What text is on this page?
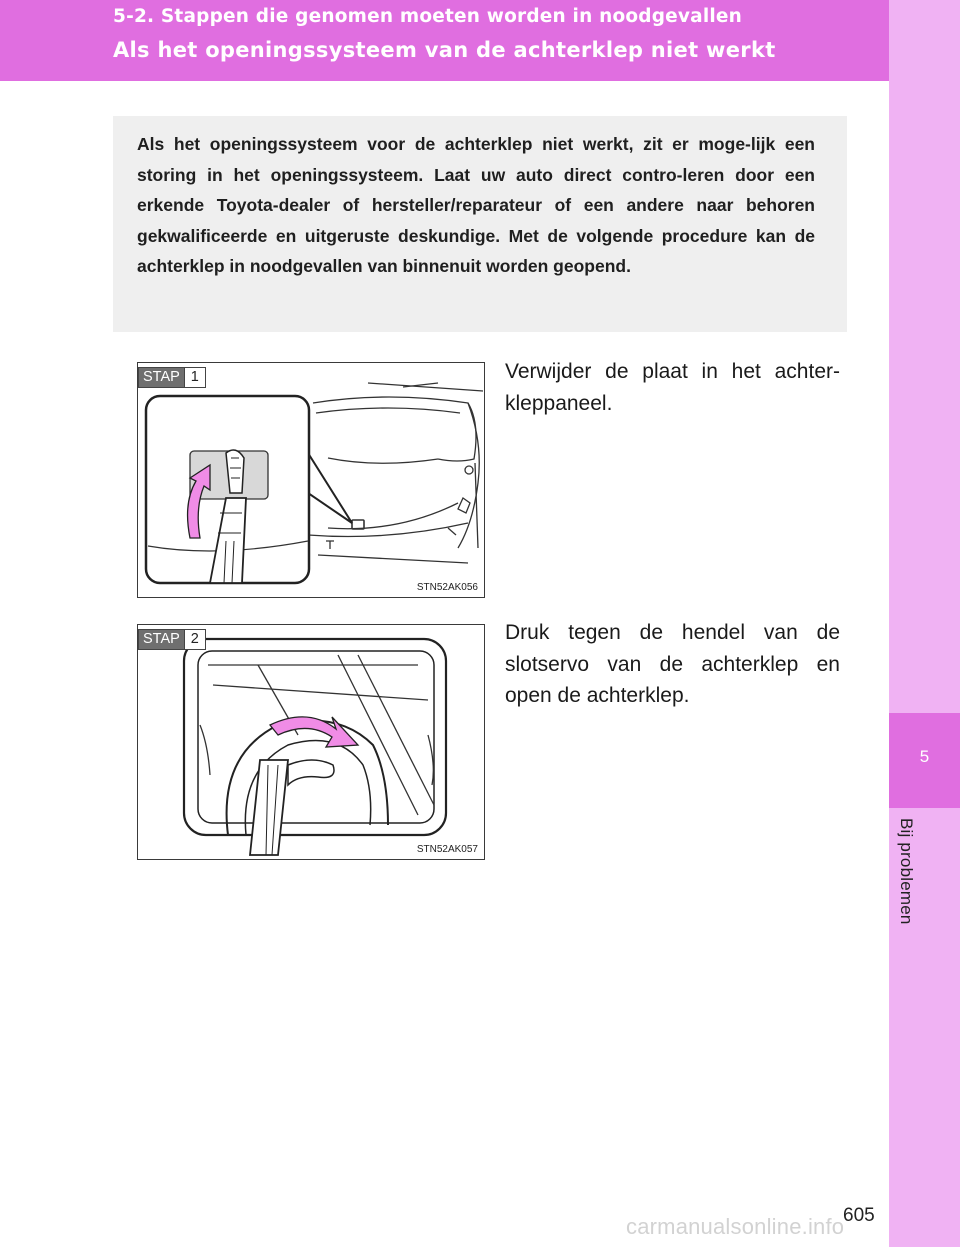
5-2. Stappen die genomen moeten worden in noodgevallen
Als het openingssysteem van de achterklep niet werkt
5
Bij problemen

Als het openingssysteem voor de achterklep niet werkt, zit er moge-lijk een storing in het openingssysteem. Laat uw auto direct contro-leren door een erkende Toyota-dealer of hersteller/reparateur of een andere naar behoren gekwalificeerde en uitgeruste deskundige. Met de volgende procedure kan de achterklep in noodgevallen van binnenuit worden geopend.

STAP 1
STN52AK056
Verwijder de plaat in het achter-kleppaneel.
STAP 2
STN52AK057
Druk tegen de hendel van de slotservo van de achterklep en open de achterklep.
605
carmanualsonline.info
